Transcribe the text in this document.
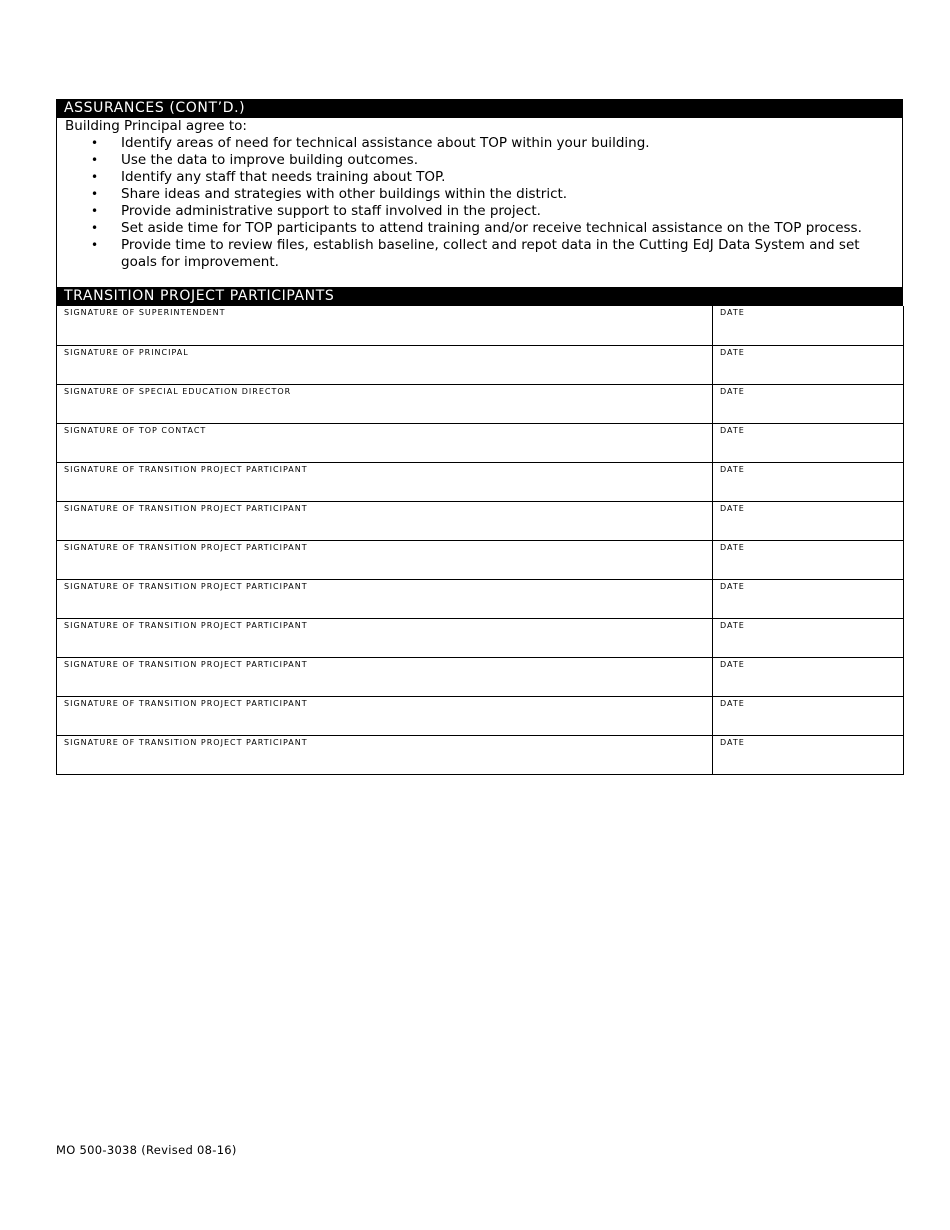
ASSURANCES (CONT’D.)
Building Principal agree to:
• Identify areas of need for technical assistance about TOP within your building.
• Use the data to improve building outcomes.
• Identify any staff that needs training about TOP.
• Share ideas and strategies with other buildings within the district.
• Provide administrative support to staff involved in the project.
• Set aside time for TOP participants to attend training and/or receive technical assistance on the TOP process.
• Provide time to review files, establish baseline, collect and repot data in the Cutting EdJ Data System and set goals for improvement.
TRANSITION PROJECT PARTICIPANTS
SIGNATURE OF SUPERINTENDENT	DATE
SIGNATURE OF PRINCIPAL	DATE
SIGNATURE OF SPECIAL EDUCATION DIRECTOR	DATE
SIGNATURE OF TOP CONTACT	DATE
SIGNATURE OF TRANSITION PROJECT PARTICIPANT	DATE
SIGNATURE OF TRANSITION PROJECT PARTICIPANT	DATE
SIGNATURE OF TRANSITION PROJECT PARTICIPANT	DATE
SIGNATURE OF TRANSITION PROJECT PARTICIPANT	DATE
SIGNATURE OF TRANSITION PROJECT PARTICIPANT	DATE
SIGNATURE OF TRANSITION PROJECT PARTICIPANT	DATE
SIGNATURE OF TRANSITION PROJECT PARTICIPANT	DATE
SIGNATURE OF TRANSITION PROJECT PARTICIPANT	DATE
MO 500-3038 (Revised 08-16)
